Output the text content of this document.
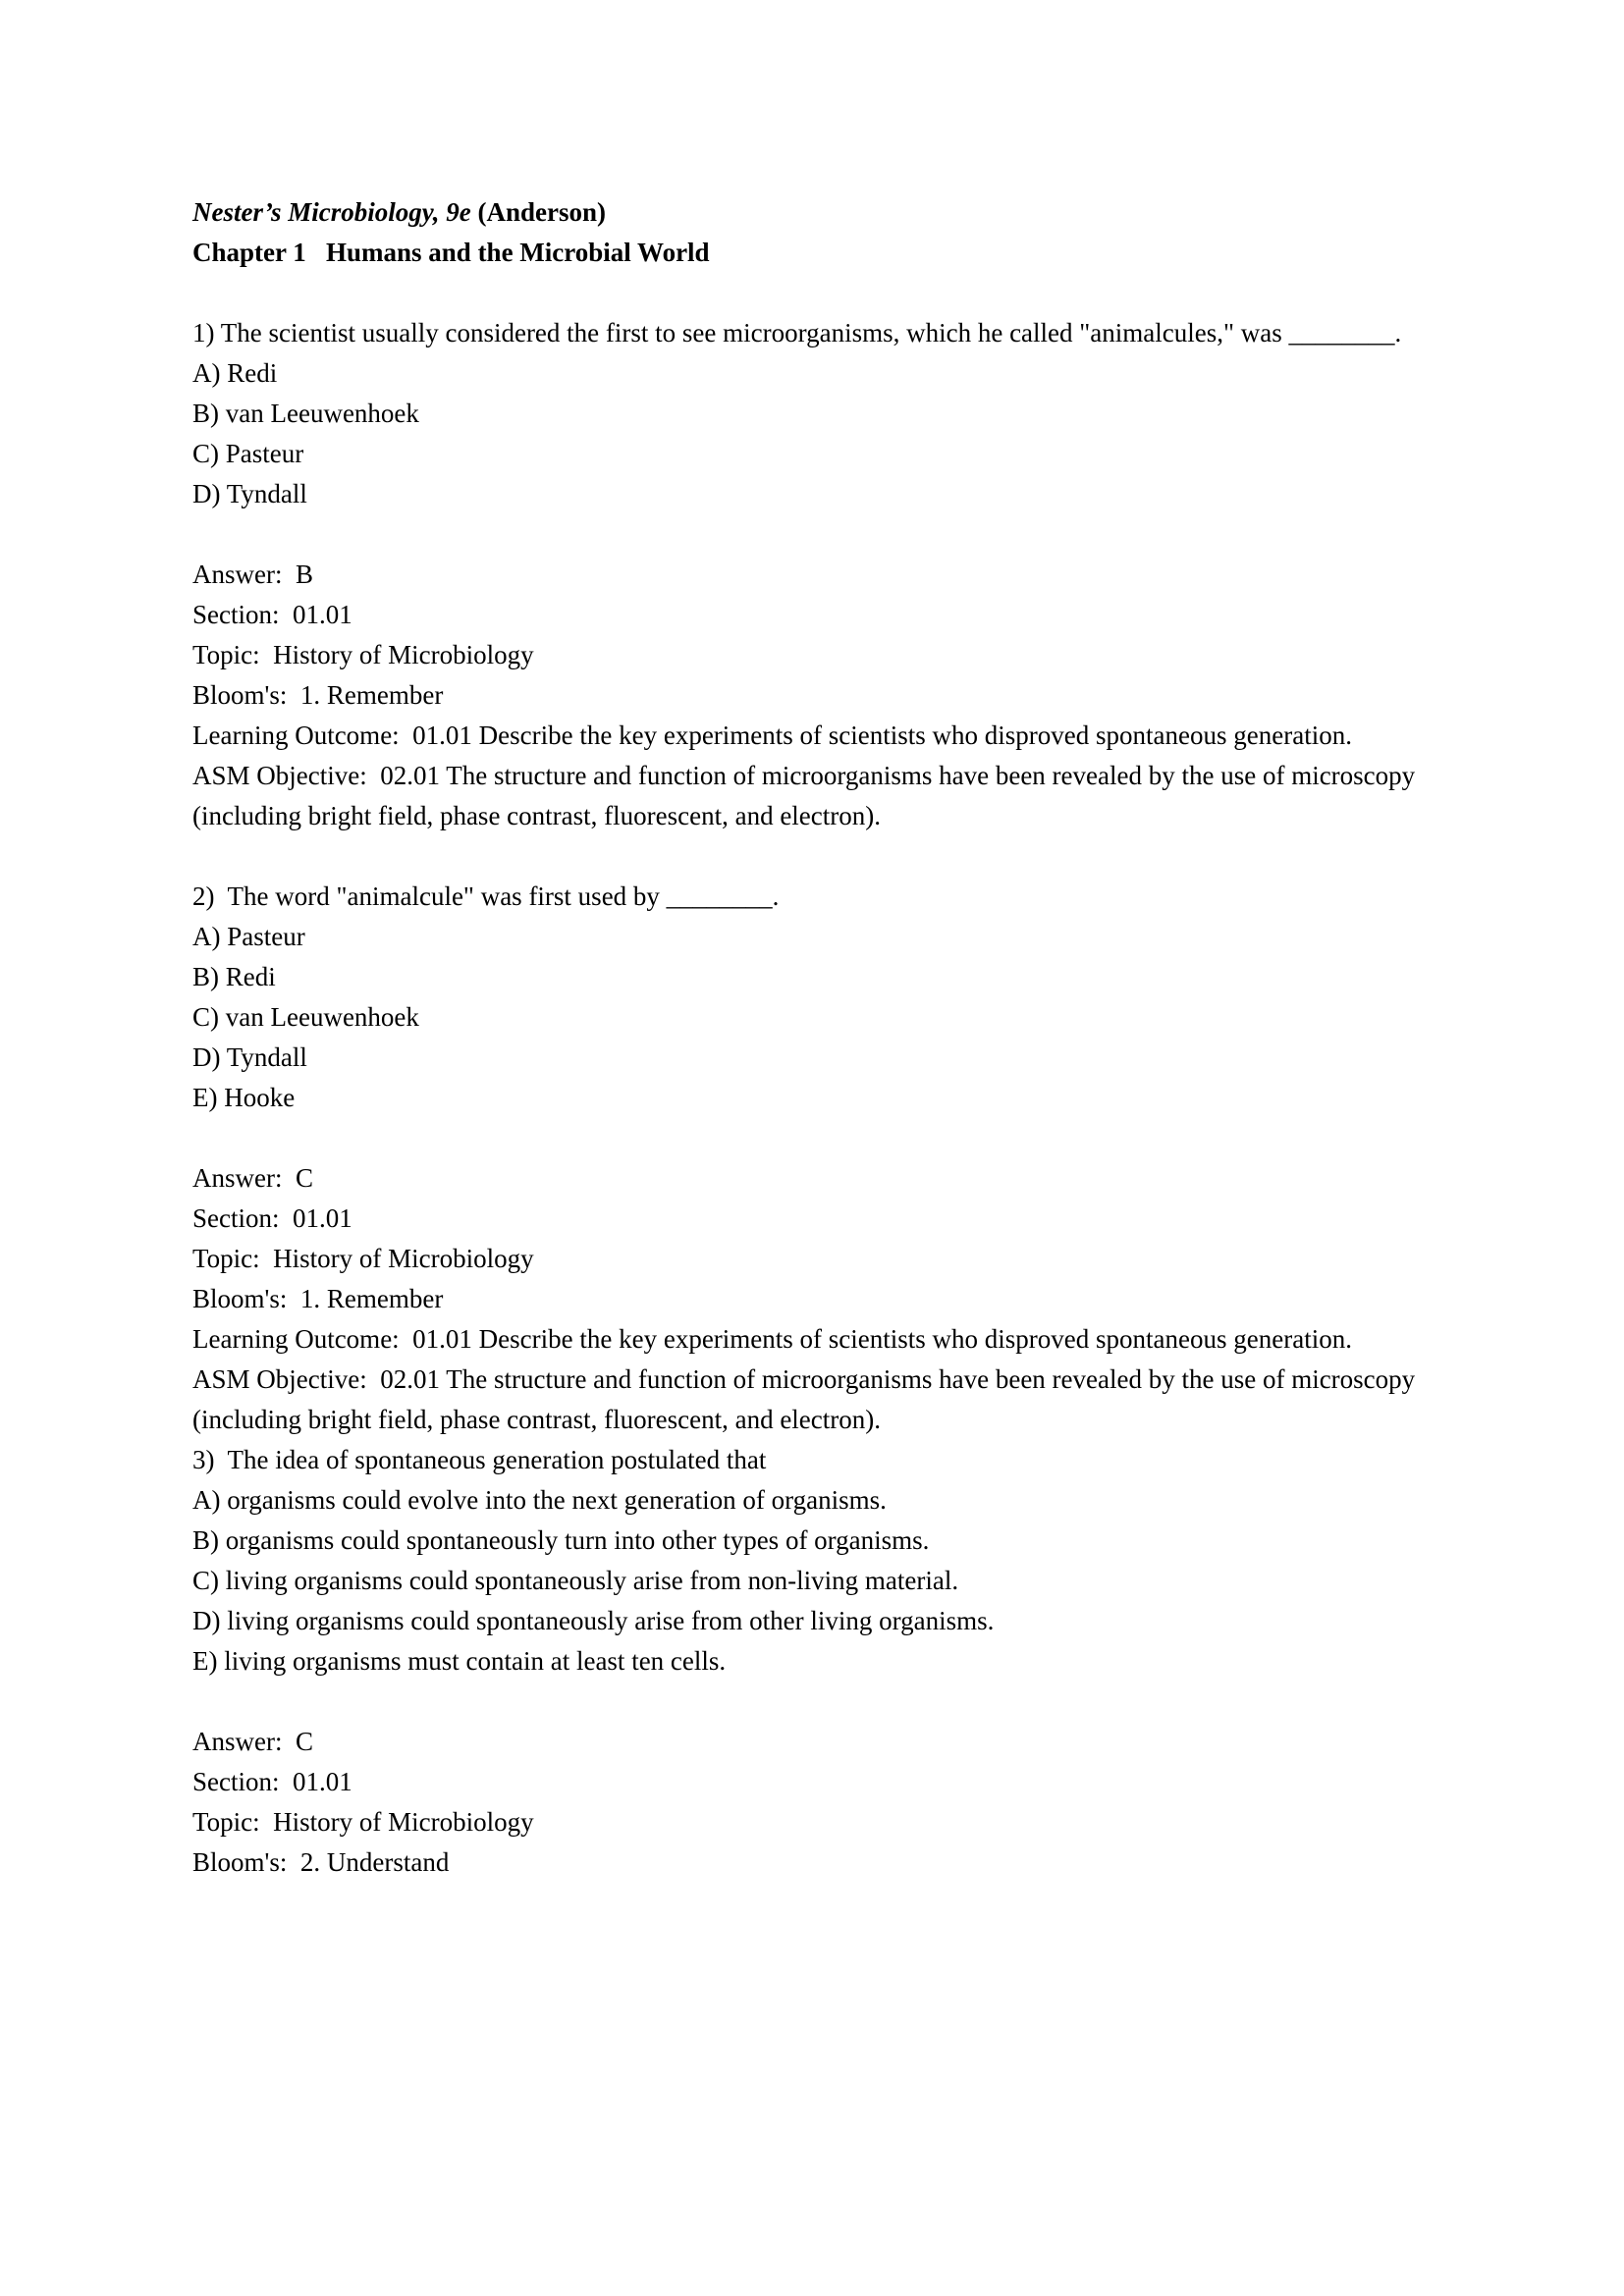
Nester’s Microbiology, 9e (Anderson)
Chapter 1   Humans and the Microbial World
1) The scientist usually considered the first to see microorganisms, which he called "animalcules," was ________.
A) Redi
B) van Leeuwenhoek
C) Pasteur
D) Tyndall
Answer:  B
Section:  01.01
Topic:  History of Microbiology
Bloom's:  1. Remember
Learning Outcome:  01.01 Describe the key experiments of scientists who disproved spontaneous generation.
ASM Objective:  02.01 The structure and function of microorganisms have been revealed by the use of microscopy (including bright field, phase contrast, fluorescent, and electron).
2)  The word "animalcule" was first used by ________.
A) Pasteur
B) Redi
C) van Leeuwenhoek
D) Tyndall
E) Hooke
Answer:  C
Section:  01.01
Topic:  History of Microbiology
Bloom's:  1. Remember
Learning Outcome:  01.01 Describe the key experiments of scientists who disproved spontaneous generation.
ASM Objective:  02.01 The structure and function of microorganisms have been revealed by the use of microscopy (including bright field, phase contrast, fluorescent, and electron).
3)  The idea of spontaneous generation postulated that
A) organisms could evolve into the next generation of organisms.
B) organisms could spontaneously turn into other types of organisms.
C) living organisms could spontaneously arise from non-living material.
D) living organisms could spontaneously arise from other living organisms.
E) living organisms must contain at least ten cells.
Answer:  C
Section:  01.01
Topic:  History of Microbiology
Bloom's:  2. Understand
